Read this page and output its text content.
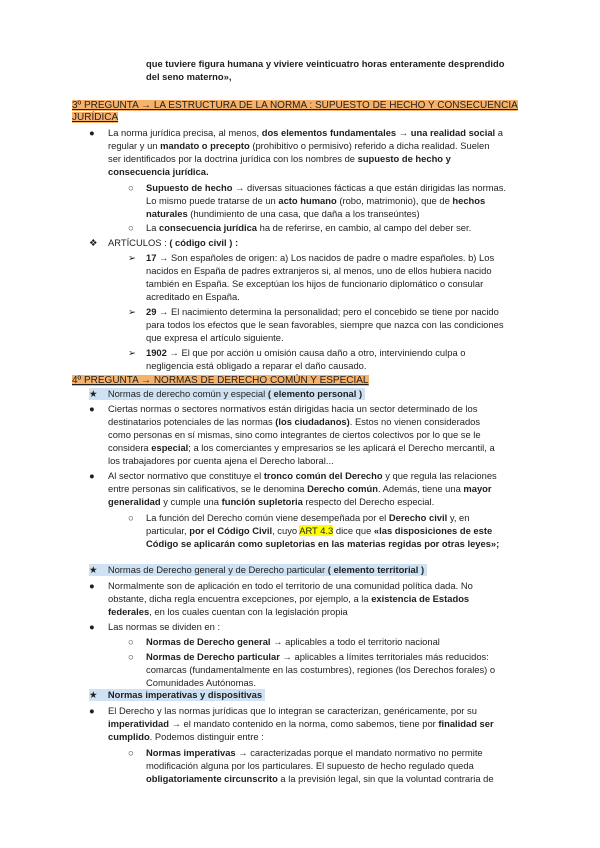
que tuviere figura humana y viviere veinticuatro horas enteramente desprendido
del seno materno»,
3º PREGUNTA → LA ESTRUCTURA DE LA NORMA : SUPUESTO DE HECHO Y CONSECUENCIA
JURÍDICA
● La norma jurídica precisa, al menos, dos elementos fundamentales → una realidad social a
regular y un mandato o precepto (prohibitivo o permisivo) referido a dicha realidad. Suelen
ser identificados por la doctrina jurídica con los nombres de supuesto de hecho y
consecuencia jurídica.
○ Supuesto de hecho → diversas situaciones fácticas a que están dirigidas las normas.
Lo mismo puede tratarse de un acto humano (robo, matrimonio), que de hechos
naturales (hundimiento de una casa, que daña a los transeúntes)
○ La consecuencia jurídica ha de referirse, en cambio, al campo del deber ser.
❖ ARTÍCULOS : ( código civil ) :
➢ 17 → Son españoles de origen: a) Los nacidos de padre o madre españoles. b) Los
nacidos en España de padres extranjeros si, al menos, uno de ellos hubiera nacido
también en España. Se exceptúan los hijos de funcionario diplomático o consular
acreditado en España.
➢ 29 → El nacimiento determina la personalidad; pero el concebido se tiene por nacido
para todos los efectos que le sean favorables, siempre que nazca con las condiciones
que expresa el artículo siguiente.
➢ 1902 → El que por acción u omisión causa daño a otro, interviniendo culpa o
negligencia está obligado a reparar el daño causado.
4º PREGUNTA → NORMAS DE DERECHO COMÚN Y ESPECIAL
★ Normas de derecho común y especial ( elemento personal )
● Ciertas normas o sectores normativos están dirigidas hacia un sector determinado de los
destinatarios potenciales de las normas (los ciudadanos). Estos no vienen considerados
como personas en sí mismas, sino como integrantes de ciertos colectivos por lo que se le
considera especial; a los comerciantes y empresarios se les aplicará el Derecho mercantil, a
los trabajadores por cuenta ajena el Derecho laboral...
● Al sector normativo que constituye el tronco común del Derecho y que regula las relaciones
entre personas sin calificativos, se le denomina Derecho común. Además, tiene una mayor
generalidad y cumple una función supletoria respecto del Derecho especial.
○ La función del Derecho común viene desempeñada por el Derecho civil y, en
particular, por el Código Civil, cuyo ART 4.3 dice que «las disposiciones de este
Código se aplicarán como supletorias en las materias regidas por otras leyes»;
★ Normas de Derecho general y de Derecho particular ( elemento territorial )
● Normalmente son de aplicación en todo el territorio de una comunidad política dada. No
obstante, dicha regla encuentra excepciones, por ejemplo, a la existencia de Estados
federales, en los cuales cuentan con la legislación propia
● Las normas se dividen en :
○ Normas de Derecho general → aplicables a todo el territorio nacional
○ Normas de Derecho particular → aplicables a límites territoriales más reducidos:
comarcas (fundamentalmente en las costumbres), regiones (los Derechos forales) o
Comunidades Autónomas.
★ Normas imperativas y dispositivas
● El Derecho y las normas jurídicas que lo integran se caracterizan, genéricamente, por su
imperatividad → el mandato contenido en la norma, como sabemos, tiene por finalidad ser
cumplido. Podemos distinguir entre :
○ Normas imperativas → caracterizadas porque el mandato normativo no permite
modificación alguna por los particulares. El supuesto de hecho regulado queda
obligatoriamente circunscrito a la previsión legal, sin que la voluntad contraria de
